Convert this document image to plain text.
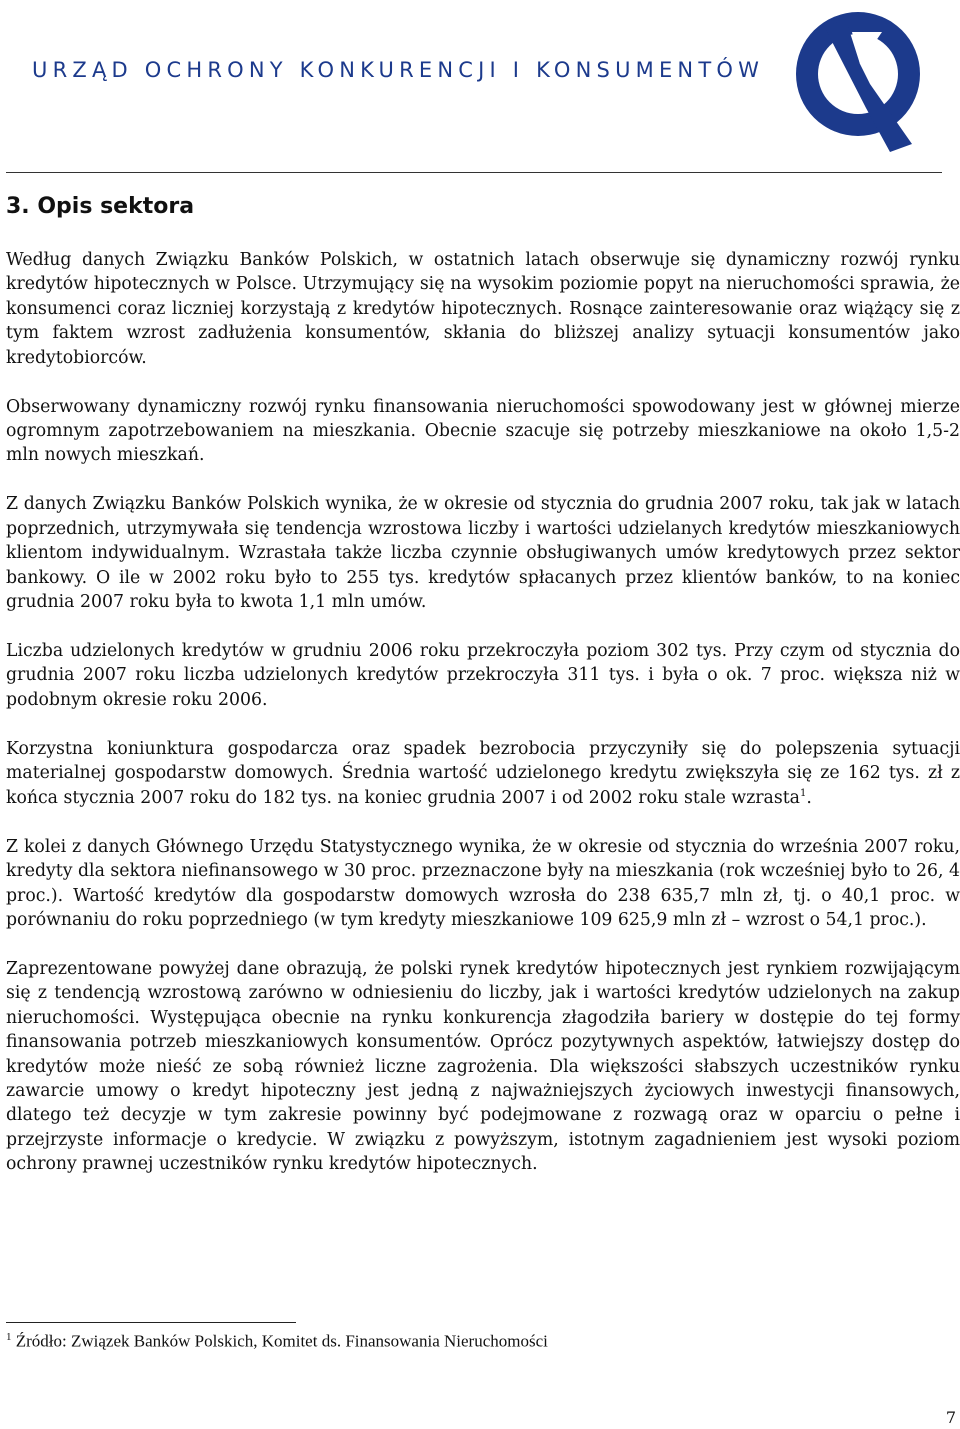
URZĄD OCHRONY KONKURENCJI I KONSUMENTÓW
3. Opis sektora

Według danych Związku Banków Polskich, w ostatnich latach obserwuje się dynamiczny rozwój rynku kredytów hipotecznych w Polsce. Utrzymujący się na wysokim poziomie popyt na nieruchomości sprawia, że konsumenci coraz liczniej korzystają z kredytów hipotecznych. Rosnące zainteresowanie oraz wiążący się z tym faktem wzrost zadłużenia konsumentów, skłania do bliższej analizy sytuacji konsumentów jako kredytobiorców.

Obserwowany dynamiczny rozwój rynku finansowania nieruchomości spowodowany jest w głównej mierze ogromnym zapotrzebowaniem na mieszkania. Obecnie szacuje się potrzeby mieszkaniowe na około 1,5-2 mln nowych mieszkań.

Z danych Związku Banków Polskich wynika, że w okresie od stycznia do grudnia 2007 roku, tak jak w latach poprzednich, utrzymywała się tendencja wzrostowa liczby i wartości udzielanych kredytów mieszkaniowych klientom indywidualnym. Wzrastała także liczba czynnie obsługiwanych umów kredytowych przez sektor bankowy. O ile w 2002 roku było to 255 tys. kredytów spłacanych przez klientów banków, to na koniec grudnia 2007 roku była to kwota 1,1 mln umów.

Liczba udzielonych kredytów w grudniu 2006 roku przekroczyła poziom 302 tys. Przy czym od stycznia do grudnia 2007 roku liczba udzielonych kredytów przekroczyła 311 tys. i była o ok. 7 proc. większa niż w podobnym okresie roku 2006.

Korzystna koniunktura gospodarcza oraz spadek bezrobocia przyczyniły się do polepszenia sytuacji materialnej gospodarstw domowych. Średnia wartość udzielonego kredytu zwiększyła się ze 162 tys. zł z końca stycznia 2007 roku do 182 tys. na koniec grudnia 2007 i od 2002 roku stale wzrasta$^1$.

Z kolei z danych Głównego Urzędu Statystycznego wynika, że w okresie od stycznia do września 2007 roku, kredyty dla sektora niefinansowego w 30 proc. przeznaczone były na mieszkania (rok wcześniej było to 26, 4 proc.). Wartość kredytów dla gospodarstw domowych wzrosła do 238 635,7 mln zł, tj. o 40,1 proc. w porównaniu do roku poprzedniego (w tym kredyty mieszkaniowe 109 625,9 mln zł – wzrost o 54,1 proc.).

Zaprezentowane powyżej dane obrazują, że polski rynek kredytów hipotecznych jest rynkiem rozwijającym się z tendencją wzrostową zarówno w odniesieniu do liczby, jak i wartości kredytów udzielonych na zakup nieruchomości. Występująca obecnie na rynku konkurencja złagodziła bariery w dostępie do tej formy finansowania potrzeb mieszkaniowych konsumentów. Oprócz pozytywnych aspektów, łatwiejszy dostęp do kredytów może nieść ze sobą również liczne zagrożenia. Dla większości słabszych uczestników rynku zawarcie umowy o kredyt hipoteczny jest jedną z najważniejszych życiowych inwestycji finansowych, dlatego też decyzje w tym zakresie powinny być podejmowane z rozwagą oraz w oparciu o pełne i przejrzyste informacje o kredycie. W związku z powyższym, istotnym zagadnieniem jest wysoki poziom ochrony prawnej uczestników rynku kredytów hipotecznych.

$^1$ Źródło: Związek Banków Polskich, Komitet ds. Finansowania Nieruchomości
7
